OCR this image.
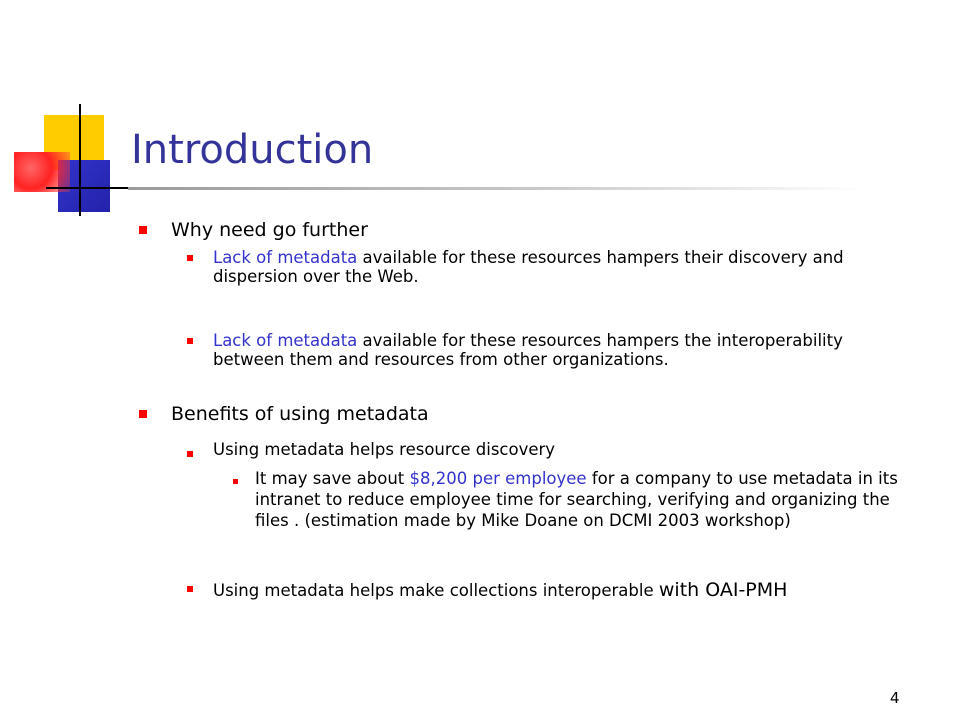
Introduction

Why need go further

Lack of metadata available for these resources hampers their discovery and dispersion over the Web.

Lack of metadata available for these resources hampers the interoperability between them and resources from other organizations.

Benefits of using metadata

Using metadata helps resource discovery

It may save about $8,200 per employee for a company to use metadata in its intranet to reduce employee time for searching, verifying and organizing the files . (estimation made by Mike Doane on DCMI 2003 workshop)

Using metadata helps make collections interoperable with OAI-PMH

4
